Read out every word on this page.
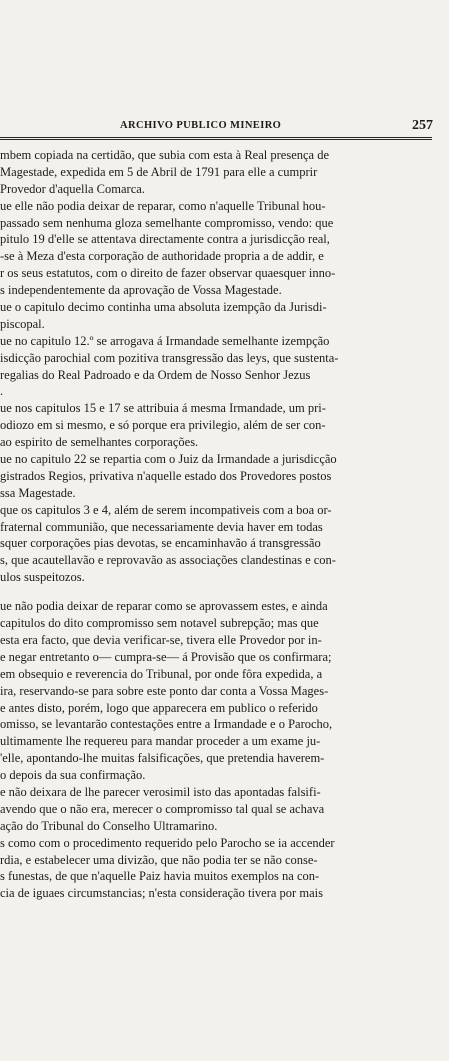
ARCHIVO PUBLICO MINEIRO	257
mbem copiada na certidão, que subia com esta à Real presença de
Magestade, expedida em 5 de Abril de 1791 para elle a cumprir
Provedor d'aquella Comarca.
ue elle não podia deixar de reparar, como n'aquelle Tribunal hou-
passado sem nenhuma gloza semelhante compromisso, vendo: que
pitulo 19 d'elle se attentava directamente contra a jurisdicção real,
-se à Meza d'esta corporação de authoridade propria a de addir, e
r os seus estatutos, com o direito de fazer observar quaesquer inno-
s independentemente da aprovação de Vossa Magestade.
ue o capitulo decimo continha uma absoluta izempção da Jurisdi-
piscopal.
ue no capitulo 12.º se arrogava á Irmandade semelhante izempção
isdicção parochial com pozitiva transgressão das leys, que sustenta-
regalias do Real Padroado e da Ordem de Nosso Senhor Jezus
.
ue nos capitulos 15 e 17 se attribuia á mesma Irmandade, um pri-
odiozo em si mesmo, e só porque era privilegio, além de ser con-
ao espirito de semelhantes corporações.
ue no capitulo 22 se repartia com o Juiz da Irmandade a jurisdicção
gistrados Regios, privativa n'aquelle estado dos Provedores postos
ssa Magestade.
que os capitulos 3 e 4, além de serem incompativeis com a boa or-
fraternal communião, que necessariamente devia haver em todas
squer corporações pias devotas, se encaminhavão á transgressão
s, que acautellavão e reprovavão as associações clandestinas e con-
ulos suspeitozos.
ue não podia deixar de reparar como se aprovassem estes, e ainda
capitulos do dito compromisso sem notavel subrepção; mas que
esta era facto, que devia verificar-se, tivera elle Provedor por in-
e negar entretanto o— cumpra-se— á Provisão que os confirmara;
em obsequio e reverencia do Tribunal, por onde fôra expedida, a
ira, reservando-se para sobre este ponto dar conta a Vossa Mages-
e antes disto, porém, logo que apparecera em publico o referido
omisso, se levantarão contestações entre a Irmandade e o Parocho,
ultimamente lhe requereu para mandar proceder a um exame ju-
'elle, apontando-lhe muitas falsificações, que pretendia haverem-
o depois da sua confirmação.
e não deixara de lhe parecer verosimil isto das apontadas falsifi-
avendo que o não era, merecer o compromisso tal qual se achava
ação do Tribunal do Conselho Ultramarino.
s como com o procedimento requerido pelo Parocho se ia accender
rdia, e estabelecer uma divizão, que não podia ter se não conse-
s funestas, de que n'aquelle Paiz havia muitos exemplos na con-
cia de iguaes circumstancias; n'esta consideração tivera por mais
